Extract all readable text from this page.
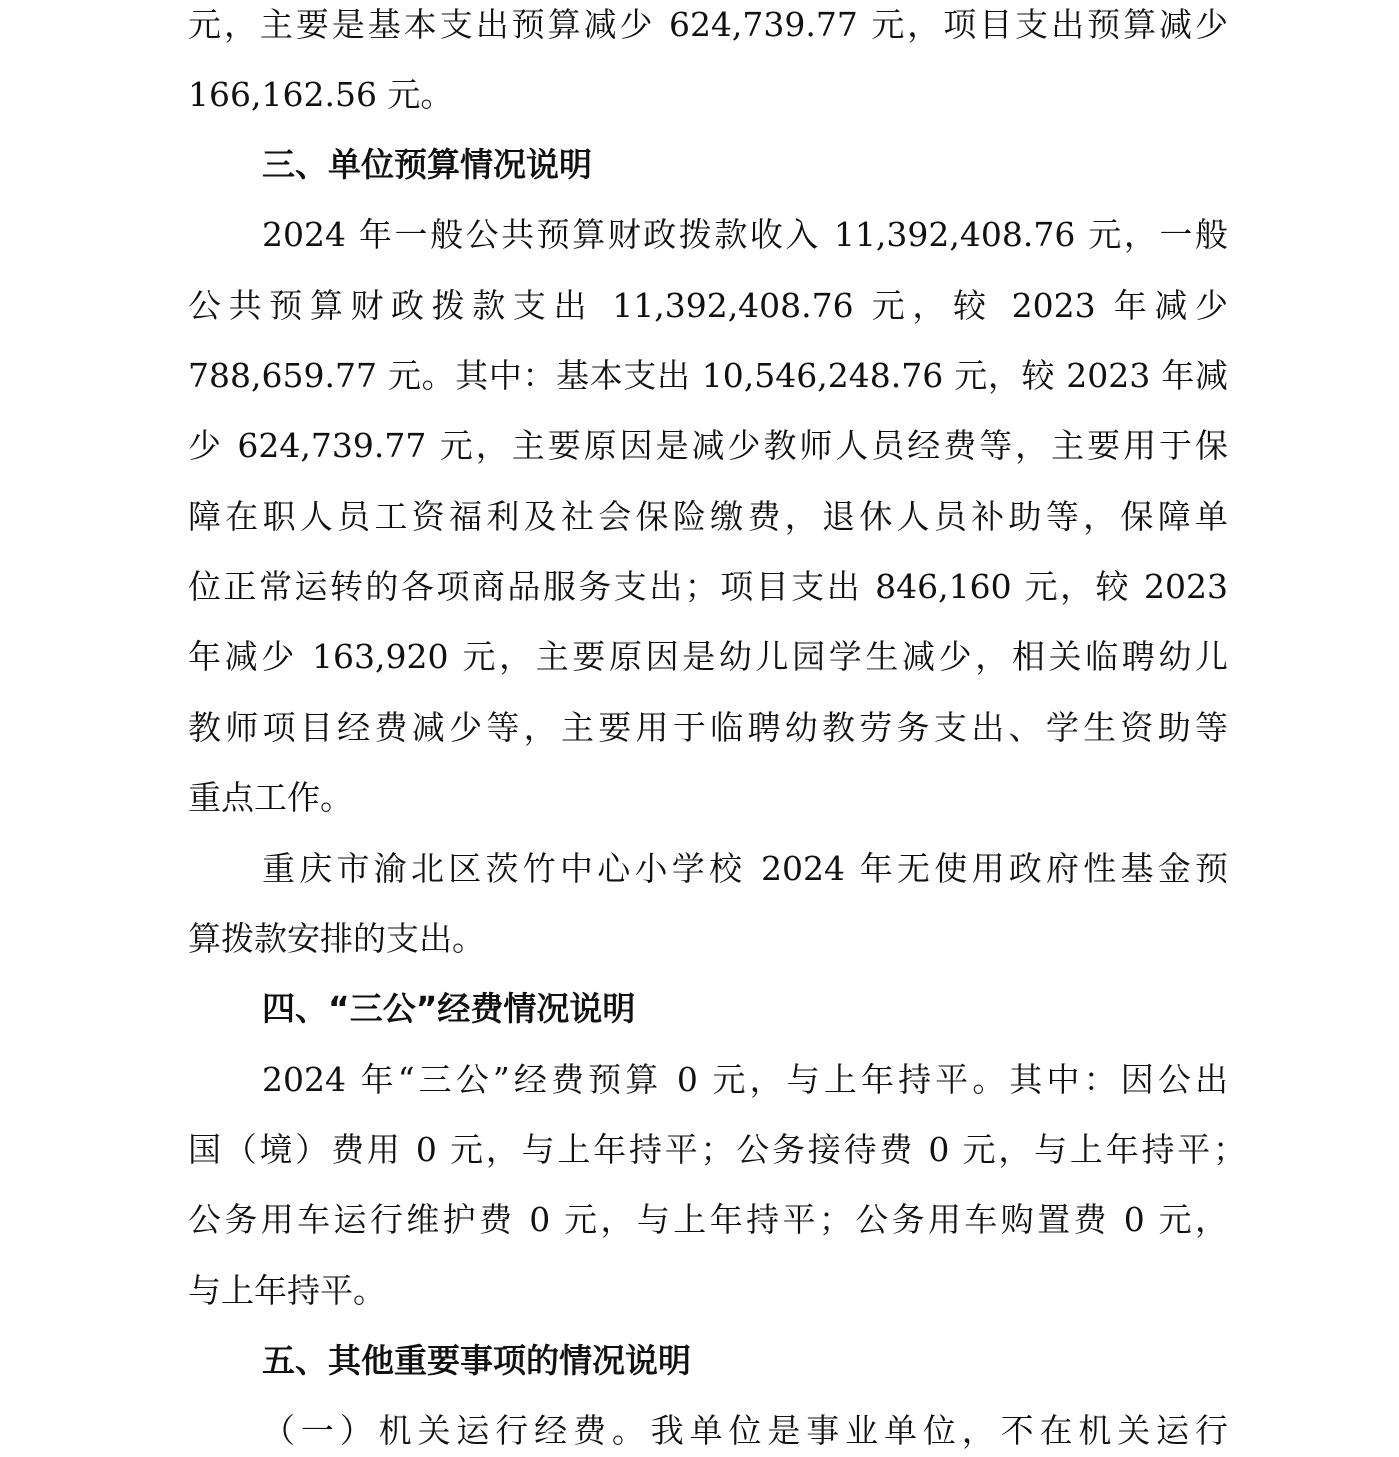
元，主要是基本支出预算减少 624,739.77 元，项目支出预算减少
166,162.56 元。
三、单位预算情况说明
2024 年一般公共预算财政拨款收入 11,392,408.76 元，一般
公共预算财政拨款支出 11,392,408.76 元，较 2023 年减少
788,659.77 元。其中：基本支出 10,546,248.76 元，较 2023 年减
少 624,739.77 元，主要原因是减少教师人员经费等，主要用于保
障在职人员工资福利及社会保险缴费，退休人员补助等，保障单
位正常运转的各项商品服务支出；项目支出 846,160 元，较 2023
年减少 163,920 元，主要原因是幼儿园学生减少，相关临聘幼儿
教师项目经费减少等，主要用于临聘幼教劳务支出、学生资助等
重点工作。
重庆市渝北区茨竹中心小学校 2024 年无使用政府性基金预
算拨款安排的支出。
四、“三公”经费情况说明
2024 年“三公”经费预算 0 元，与上年持平。其中：因公出
国（境）费用 0 元，与上年持平；公务接待费 0 元，与上年持平；
公务用车运行维护费 0 元，与上年持平；公务用车购置费 0 元，
与上年持平。
五、其他重要事项的情况说明
（一）机关运行经费。我单位是事业单位，不在机关运行
